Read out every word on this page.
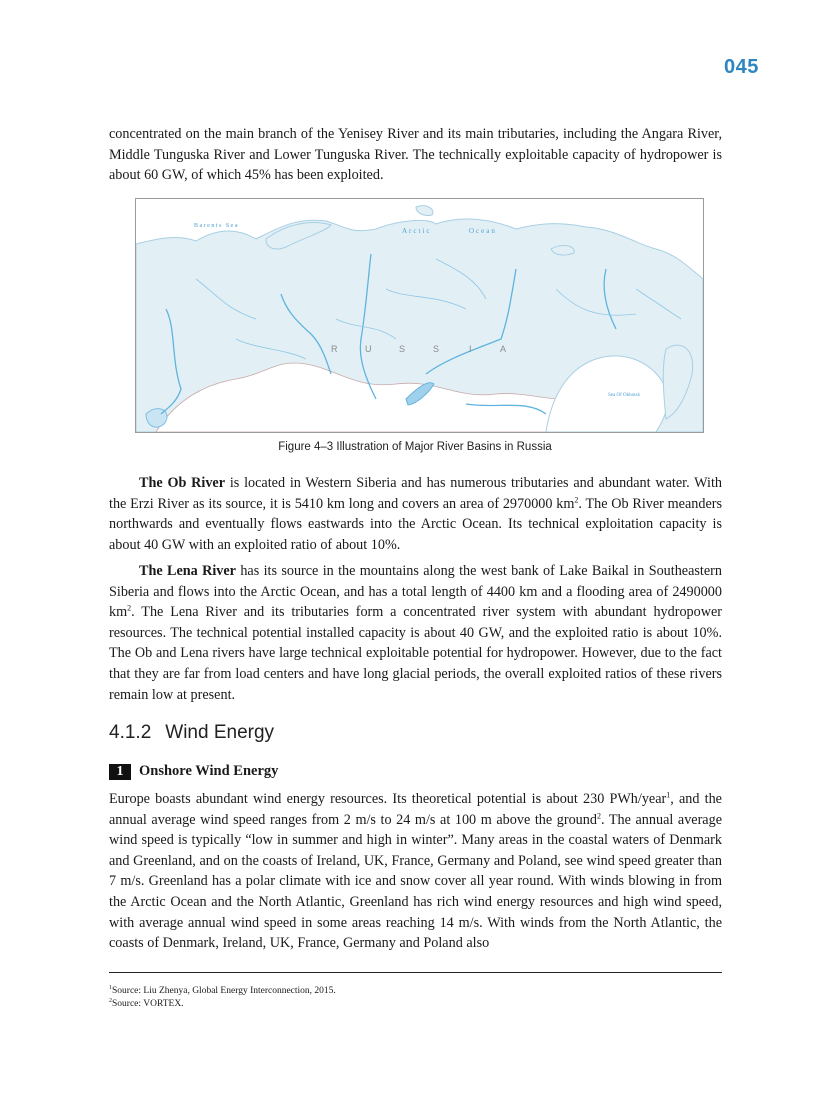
045

concentrated on the main branch of the Yenisey River and its main tributaries, including the Angara River, Middle Tunguska River and Lower Tunguska River. The technically exploitable capacity of hydropower is about 60 GW, of which 45% has been exploited.

Barents Sea
Arctic	Ocean
R	U	S	S	I	A
Sea Of Okhotsk
Figure 4–3 Illustration of Major River Basins in Russia

The Ob River is located in Western Siberia and has numerous tributaries and abundant water. With the Erzi River as its source, it is 5410 km long and covers an area of 2970000 $km^2$. The Ob River meanders northwards and eventually flows eastwards into the Arctic Ocean. Its technical exploitation capacity is about 40 GW with an exploited ratio of about 10%.

The Lena River has its source in the mountains along the west bank of Lake Baikal in Southeastern Siberia and flows into the Arctic Ocean, and has a total length of 4400 km and a flooding area of 2490000 $km^2$. The Lena River and its tributaries form a concentrated river system with abundant hydropower resources. The technical potential installed capacity is about 40 GW, and the exploited ratio is about 10%. The Ob and Lena rivers have large technical exploitable potential for hydropower. However, due to the fact that they are far from load centers and have long glacial periods, the overall exploited ratios of these rivers remain low at present.

4.1.2 Wind Energy
1	Onshore Wind Energy

Europe boasts abundant wind energy resources. Its theoretical potential is about 230 PWh/year$^1$, and the annual average wind speed ranges from 2 m/s to 24 m/s at 100 m above the ground$^2$. The annual average wind speed is typically “low in summer and high in winter”. Many areas in the coastal waters of Denmark and Greenland, and on the coasts of Ireland, UK, France, Germany and Poland, see wind speed greater than 7 m/s. Greenland has a polar climate with ice and snow cover all year round. With winds blowing in from the Arctic Ocean and the North Atlantic, Greenland has rich wind energy resources and high wind speed, with average annual wind speed in some areas reaching 14 m/s. With winds from the North Atlantic, the coasts of Denmark, Ireland, UK, France, Germany and Poland also

$^1$Source: Liu Zhenya, Global Energy Interconnection, 2015.
$^2$Source: VORTEX.
